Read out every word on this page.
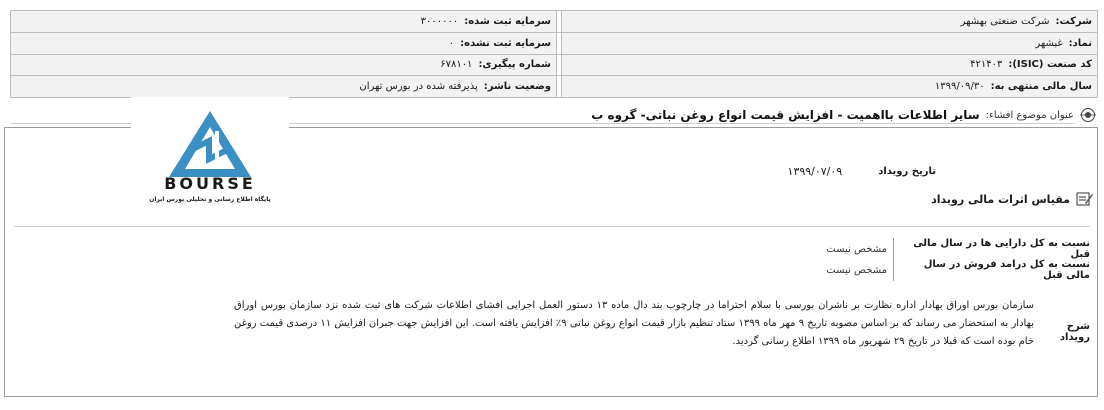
شرکت:شرکت صنعتی بهشهر		سرمایه ثبت شده:۳۰۰۰۰۰۰
نماد:غبشهر		سرمایه ثبت نشده:۰
کد صنعت (ISIC):۴۲۱۴۰۳		شماره پیگیری:۶۷۸۱۰۱
سال مالی منتهی به:۱۳۹۹/۰۹/۳۰		وضعیت ناشر:پذیرفته شده در بورس تهران
عنوان موضوع افشاء:
سایر اطلاعات بااهمیت - افزایش قیمت انواع روغن نباتی- گروه ب
BOURSE
پایگاه اطلاع رسانی و تحلیلی بورس ایران
تاریخ رویداد
۱۳۹۹/۰۷/۰۹
مقیاس اثرات مالی رویداد
نسبت به کل دارایی ها در سال مالی قبل
مشخص نیست
نسبت به کل درامد فروش در سال مالی قبل
مشخص نیست
شرح رویداد
سازمان بورس اوراق بهادار اداره نظارت بر ناشران بورسی با سلام احتراما در چارچوب بند دال ماده ۱۳ دستور العمل اجرایی افشای اطلاعات شرکت های ثبت شده نزد سازمان بورس اوراق بهادار به استحضار می رساند که بر اساس مصوبه تاریخ ۹ مهر ماه ۱۳۹۹ ستاد تنظیم بازار قیمت انواع روغن نباتی ۹٪ افزایش یافته است. این افزایش جهت جبران افزایش ۱۱ درصدی قیمت روغن خام بوده است که قبلا در تاریخ ۲۹ شهریور ماه ۱۳۹۹ اطلاع رسانی گردید.
